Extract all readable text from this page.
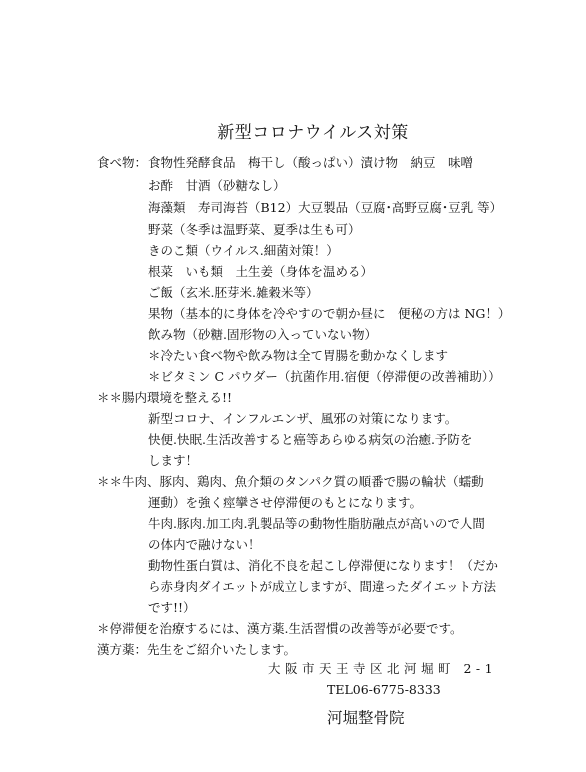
新型コロナウイルス対策
食べ物： 食物性発酵食品　梅干し（酸っぱい）漬け物　納豆　味噌
お酢　甘酒（砂糖なし）
海藻類　寿司海苔（B12）大豆製品（豆腐･高野豆腐･豆乳 等）
野菜（冬季は温野菜、夏季は生も可）
きのこ類（ウイルス.細菌対策！）
根菜　いも類　土生姜（身体を温める）
ご飯（玄米.胚芽米.雑穀米等）
果物（基本的に身体を冷やすので朝か昼に　便秘の方は NG！）
飲み物（砂糖.固形物の入っていない物）
＊冷たい食べ物や飲み物は全て胃腸を動かなくします
＊ビタミン C パウダー（抗菌作用.宿便（停滞便の改善補助））
＊＊腸内環境を整える!!
新型コロナ、インフルエンザ、風邪の対策になります。
快便.快眠.生活改善すると癌等あらゆる病気の治癒.予防を
します！
＊＊牛肉、豚肉、鶏肉、魚介類のタンパク質の順番で腸の輪状（蠕動
運動）を強く痙攣させ停滞便のもとになります。
牛肉.豚肉.加工肉.乳製品等の動物性脂肪融点が高いので人間
の体内で融けない！
動物性蛋白質は、消化不良を起こし停滞便になります！（だか
ら赤身肉ダイエットが成立しますが、間違ったダイエット方法
です!!）
＊停滞便を治療するには、漢方薬.生活習慣の改善等が必要です。
漢方薬：先生をご紹介いたします。
大阪市天王寺区北河堀町 2-1
TEL06-6775-8333
河堀整骨院
